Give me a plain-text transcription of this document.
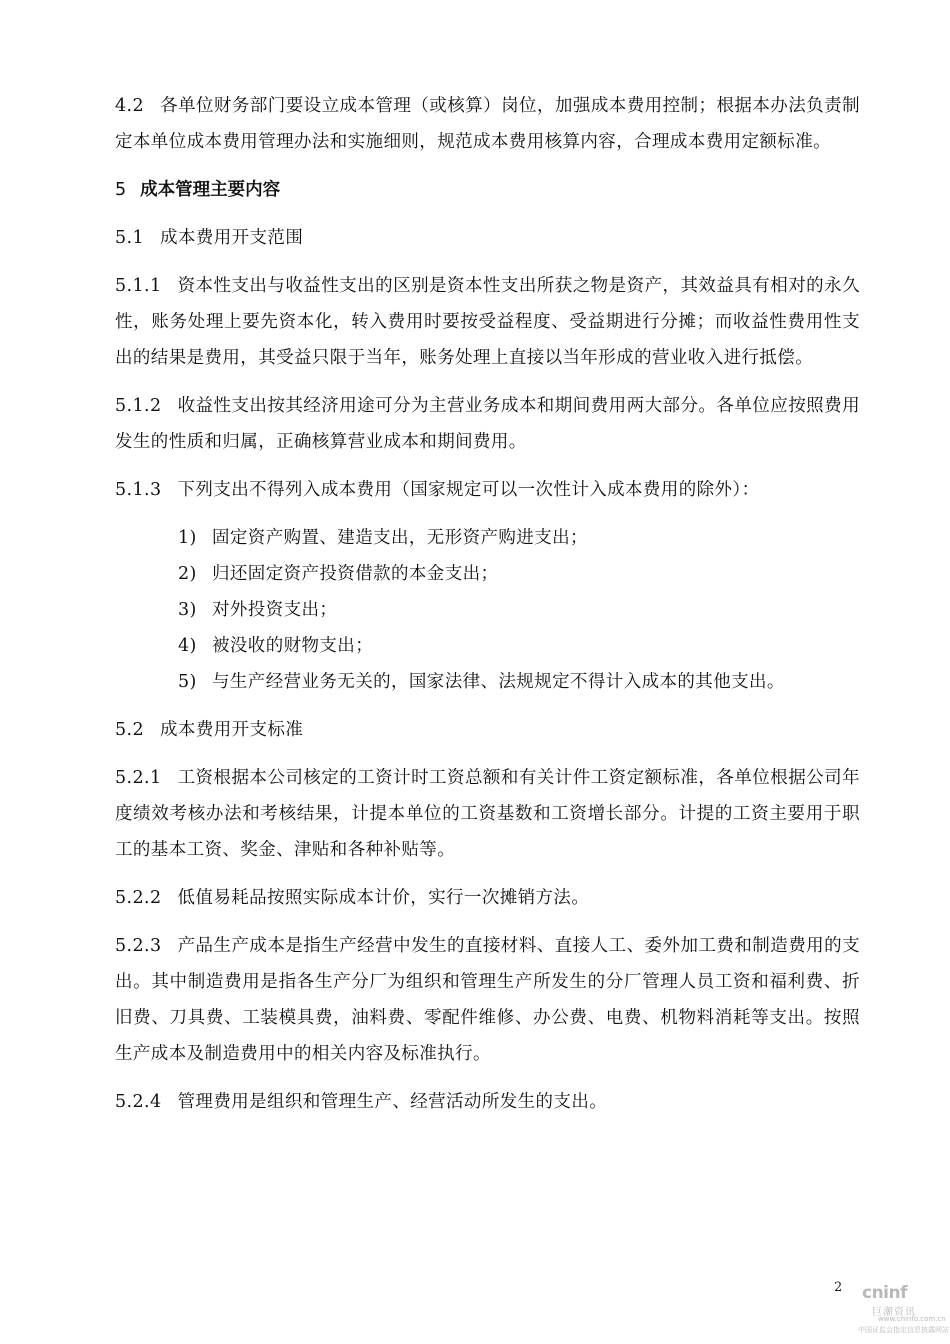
4.2 各单位财务部门要设立成本管理（或核算）岗位，加强成本费用控制；根据本办法负责制定本单位成本费用管理办法和实施细则，规范成本费用核算内容，合理成本费用定额标准。

5 成本管理主要内容

5.1 成本费用开支范围

5.1.1 资本性支出与收益性支出的区别是资本性支出所获之物是资产，其效益具有相对的永久性，账务处理上要先资本化，转入费用时要按受益程度、受益期进行分摊；而收益性费用性支出的结果是费用，其受益只限于当年，账务处理上直接以当年形成的营业收入进行抵偿。

5.1.2 收益性支出按其经济用途可分为主营业务成本和期间费用两大部分。各单位应按照费用发生的性质和归属，正确核算营业成本和期间费用。

5.1.3 下列支出不得列入成本费用（国家规定可以一次性计入成本费用的除外）：

1) 固定资产购置、建造支出，无形资产购进支出；
2) 归还固定资产投资借款的本金支出；
3) 对外投资支出；
4) 被没收的财物支出；
5) 与生产经营业务无关的，国家法律、法规规定不得计入成本的其他支出。

5.2 成本费用开支标准

5.2.1 工资根据本公司核定的工资计时工资总额和有关计件工资定额标准，各单位根据公司年度绩效考核办法和考核结果，计提本单位的工资基数和工资增长部分。计提的工资主要用于职工的基本工资、奖金、津贴和各种补贴等。

5.2.2 低值易耗品按照实际成本计价，实行一次摊销方法。

5.2.3 产品生产成本是指生产经营中发生的直接材料、直接人工、委外加工费和制造费用的支出。其中制造费用是指各生产分厂为组织和管理生产所发生的分厂管理人员工资和福利费、折旧费、刀具费、工装模具费，油料费、零配件维修、办公费、电费、机物料消耗等支出。按照生产成本及制造费用中的相关内容及标准执行。

5.2.4 管理费用是组织和管理生产、经营活动所发生的支出。

2 cninf
巨潮资讯
www.cninfo.com.cn
中国证监会指定信息披露网站
